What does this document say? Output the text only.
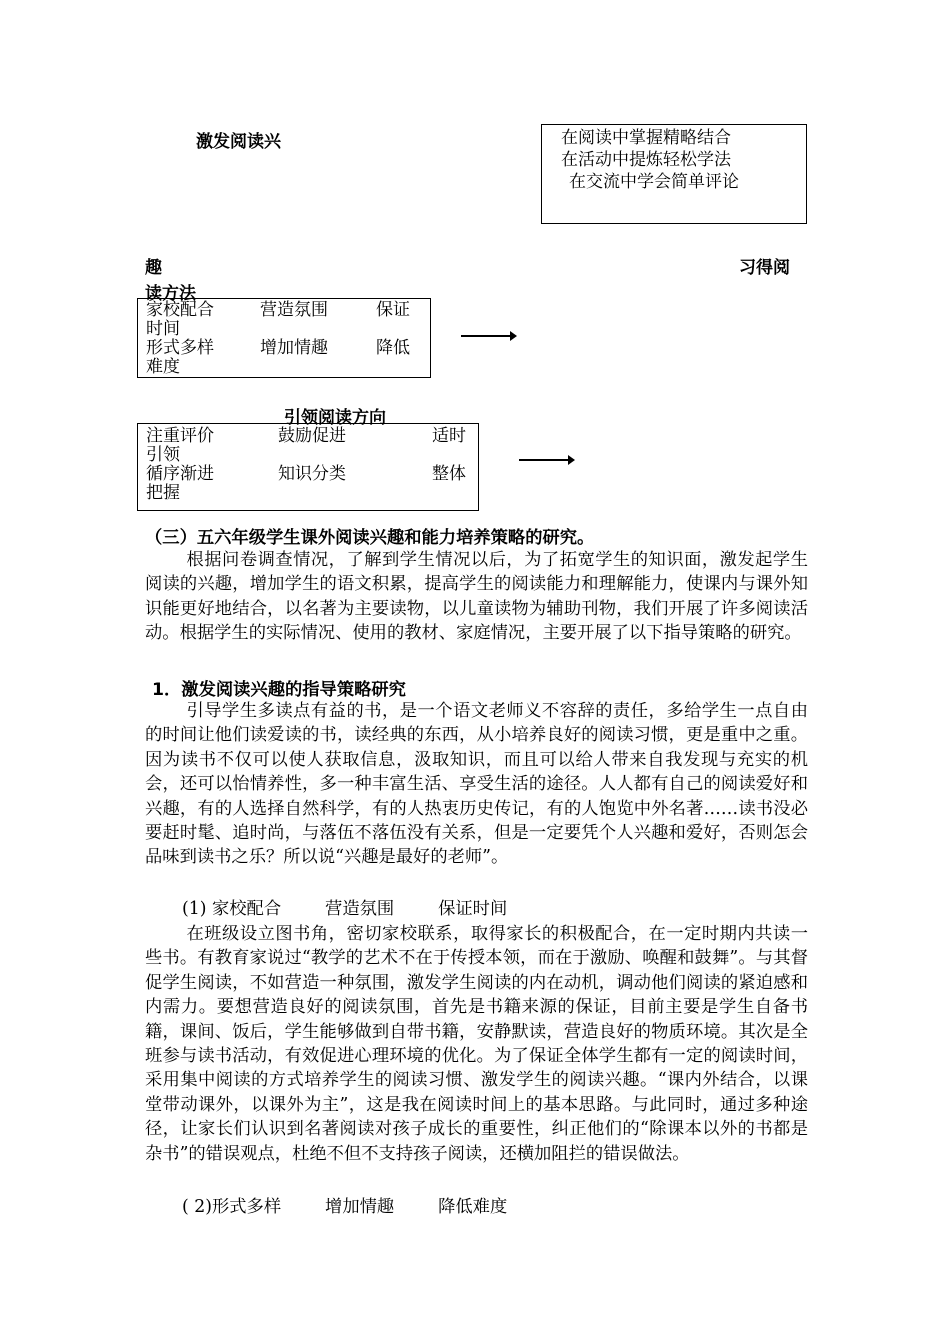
激发阅读兴	在阅读中掌握精略结合
在活动中提炼轻松学法
在交流中学会简单评论
趣	习得阅
读方法
家校配合	营造氛围	保证
时间
形式多样	增加情趣	降低
难度
引领阅读方向
注重评价	鼓励促进	适时
引领
循序渐进	知识分类	整体
把握
（三）五六年级学生课外阅读兴趣和能力培养策略的研究。

根据问卷调查情况，了解到学生情况以后，为了拓宽学生的知识面，激发起学生阅读的兴趣，增加学生的语文积累，提高学生的阅读能力和理解能力，使课内与课外知识能更好地结合，以名著为主要读物，以儿童读物为辅助刊物，我们开展了许多阅读活动。根据学生的实际情况、使用的教材、家庭情况，主要开展了以下指导策略的研究。

1．激发阅读兴趣的指导策略研究

引导学生多读点有益的书，是一个语文老师义不容辞的责任，多给学生一点自由的时间让他们读爱读的书，读经典的东西，从小培养良好的阅读习惯，更是重中之重。因为读书不仅可以使人获取信息，汲取知识，而且可以给人带来自我发现与充实的机会，还可以怡情养性，多一种丰富生活、享受生活的途径。人人都有自己的阅读爱好和兴趣，有的人选择自然科学，有的人热衷历史传记，有的人饱览中外名著……读书没必要赶时髦、追时尚，与落伍不落伍没有关系，但是一定要凭个人兴趣和爱好，否则怎会品味到读书之乐？所以说“兴趣是最好的老师”。

(1) 家校配合        营造氛围        保证时间

在班级设立图书角，密切家校联系，取得家长的积极配合，在一定时期内共读一些书。有教育家说过“教学的艺术不在于传授本领，而在于激励、唤醒和鼓舞”。与其督促学生阅读，不如营造一种氛围，激发学生阅读的内在动机，调动他们阅读的紧迫感和内需力。要想营造良好的阅读氛围，首先是书籍来源的保证，目前主要是学生自备书籍，课间、饭后，学生能够做到自带书籍，安静默读，营造良好的物质环境。其次是全班参与读书活动，有效促进心理环境的优化。为了保证全体学生都有一定的阅读时间，采用集中阅读的方式培养学生的阅读习惯、激发学生的阅读兴趣。“课内外结合，以课堂带动课外，以课外为主”，这是我在阅读时间上的基本思路。与此同时，通过多种途径，让家长们认识到名著阅读对孩子成长的重要性，纠正他们的“除课本以外的书都是杂书”的错误观点，杜绝不但不支持孩子阅读，还横加阻拦的错误做法。

( 2)形式多样        增加情趣        降低难度
